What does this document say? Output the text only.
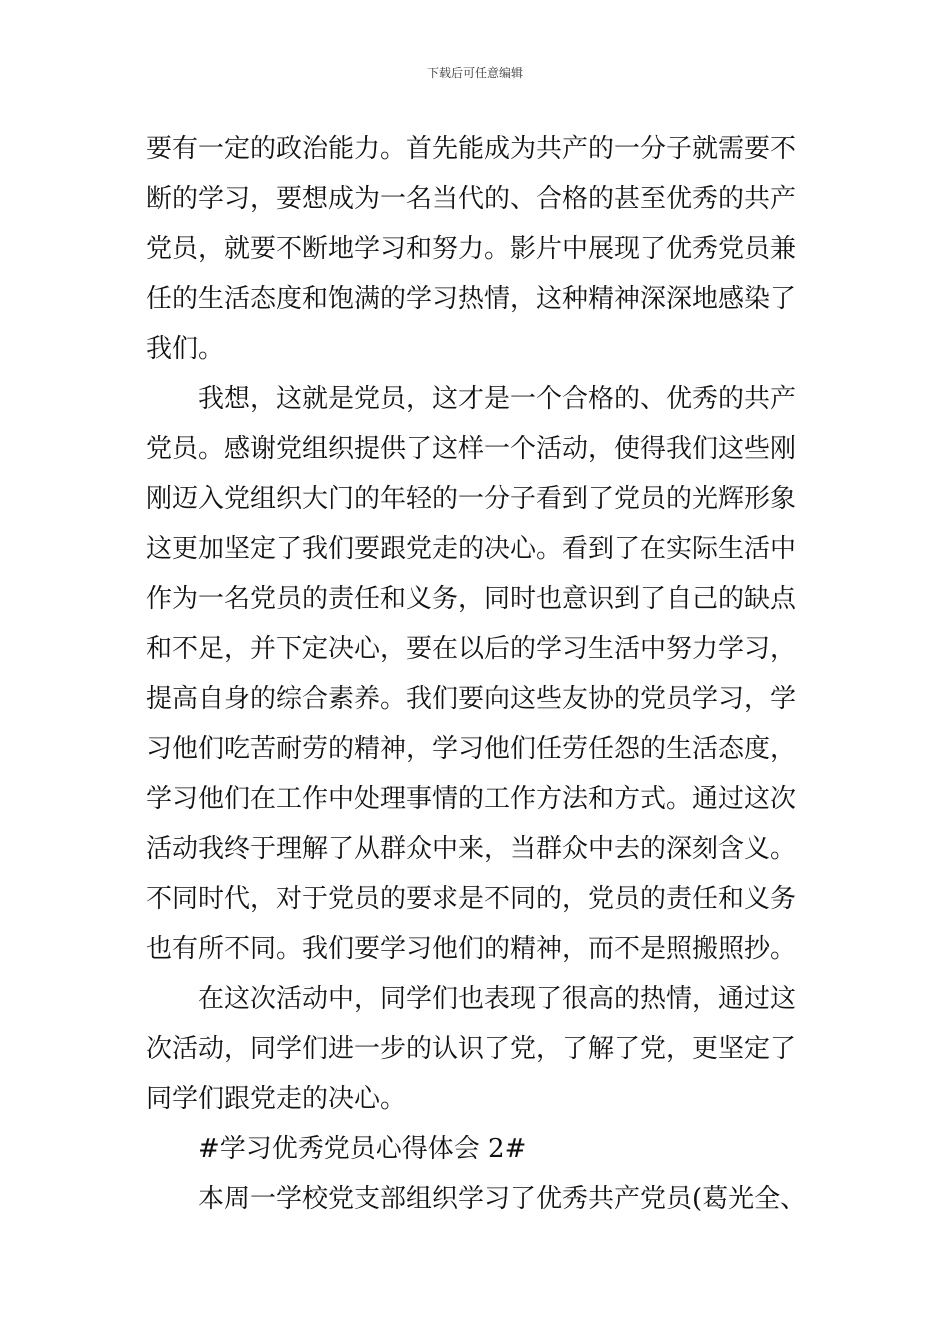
下载后可任意编辑
要有一定的政治能力。首先能成为共产的一分子就需要不
断的学习，要想成为一名当代的、合格的甚至优秀的共产
党员，就要不断地学习和努力。影片中展现了优秀党员兼
任的生活态度和饱满的学习热情，这种精神深深地感染了
我们。
我想，这就是党员，这才是一个合格的、优秀的共产
党员。感谢党组织提供了这样一个活动，使得我们这些刚
刚迈入党组织大门的年轻的一分子看到了党员的光辉形象
这更加坚定了我们要跟党走的决心。看到了在实际生活中
作为一名党员的责任和义务，同时也意识到了自己的缺点
和不足，并下定决心，要在以后的学习生活中努力学习，
提高自身的综合素养。我们要向这些友协的党员学习，学
习他们吃苦耐劳的精神，学习他们任劳任怨的生活态度，
学习他们在工作中处理事情的工作方法和方式。通过这次
活动我终于理解了从群众中来，当群众中去的深刻含义。
不同时代，对于党员的要求是不同的，党员的责任和义务
也有所不同。我们要学习他们的精神，而不是照搬照抄。
在这次活动中，同学们也表现了很高的热情，通过这
次活动，同学们进一步的认识了党，了解了党，更坚定了
同学们跟党走的决心。
#学习优秀党员心得体会 2#
本周一学校党支部组织学习了优秀共产党员(葛光全、
